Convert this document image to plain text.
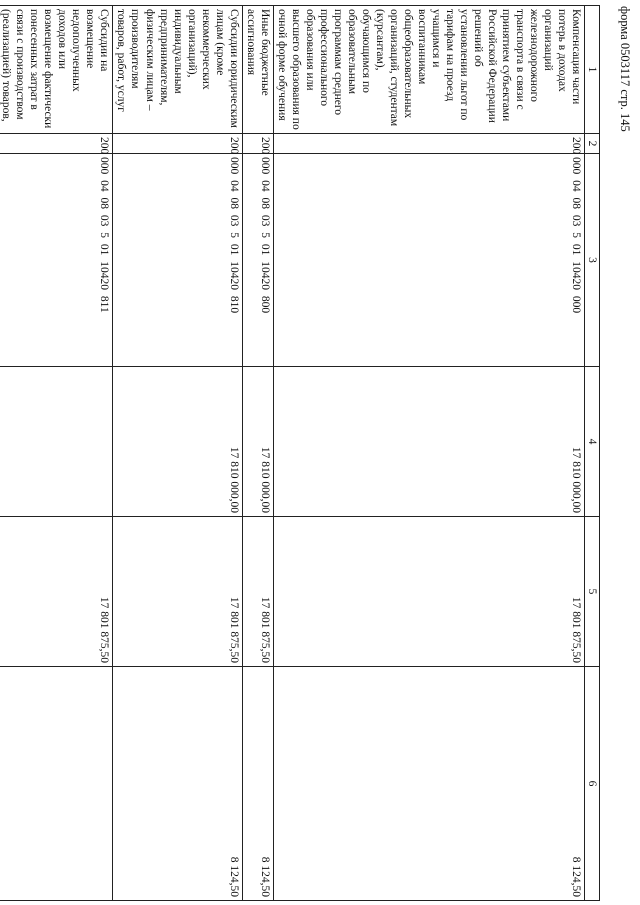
форма 0503117 стр. 145
1	2	3	4	5	6
Компенсация части потерь в доходах организаций железнодорожного транспорта в связи с принятием субъектами Российской Федерации решений об установлении льгот по тарифам на проезд учащимся и воспитанникам общеобразовательных организаций, студентам (курсантам), обучающимся по образовательным программам среднего профессионального образования или высшего образования по очной форме обучения	200	000 04 08 03 5 01 10420 000	17 810 000,00	17 801 875,50	8 124,50
Иные бюджетные ассигнования	200	000 04 08 03 5 01 10420 800	17 810 000,00	17 801 875,50	8 124,50
Субсидии юридическим лицам (кроме некоммерческих организаций), индивидуальным предпринимателям, физическим лицам – производителям товаров, работ, услуг	200	000 04 08 03 5 01 10420 810	17 810 000,00	17 801 875,50	8 124,50
Субсидии на возмещение недополученных доходов или возмещение фактически понесенных затрат в связи с производством (реализацией) товаров,	200	000 04 08 03 5 01 10420 811		17 801 875,50	
